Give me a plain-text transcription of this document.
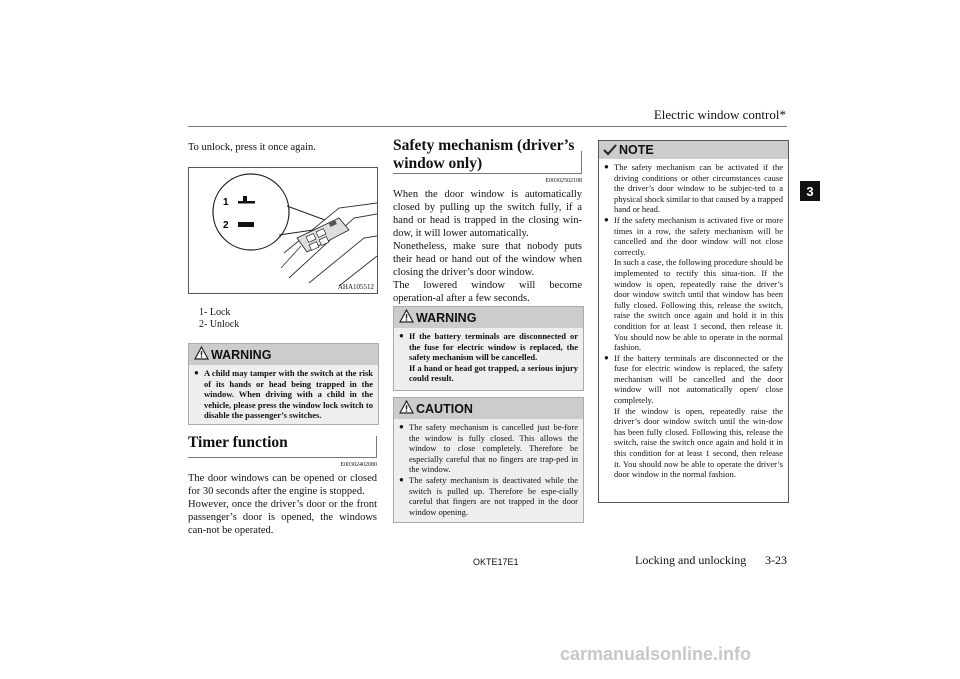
Electric window control*
3

To unlock, press it once again.

1
2
AHA105512
1- Lock
2- Unlock
WARNING
● A child may tamper with the switch at the risk of its hands or head being trapped in the window. When driving with a child in the vehicle, please press the window lock switch to disable the passenger’s switches.
Timer function
E00302402080

The door windows can be opened or closed for 30 seconds after the engine is stopped.

However, once the driver’s door or the front passenger’s door is opened, the windows can-not be operated.

Safety mechanism (driver’s window only)
E00302502108

When the door window is automatically closed by pulling up the switch fully, if a hand or head is trapped in the closing win-dow, it will lower automatically.

Nonetheless, make sure that nobody puts their head or hand out of the window when closing the driver’s door window.

The lowered window will become operation-al after a few seconds.

WARNING
● If the battery terminals are disconnected or the fuse for electric window is replaced, the safety mechanism will be cancelled.
If a hand or head got trapped, a serious injury could result.
CAUTION
● The safety mechanism is cancelled just be-fore the window is fully closed. This allows the window to close completely. Therefore be especially careful that no fingers are trap-ped in the window.
● The safety mechanism is deactivated while the switch is pulled up. Therefore be espe-cially careful that fingers are not trapped in the door window opening.
NOTE
● The safety mechanism can be activated if the driving conditions or other circumstances cause the driver’s door window to be subjec-ted to a physical shock similar to that caused by a trapped hand or head.
● If the safety mechanism is activated five or more times in a row, the safety mechanism will be cancelled and the door window will not close correctly.
In such a case, the following procedure should be implemented to rectify this situa-tion. If the window is open, repeatedly raise the driver’s door window switch until that window has been fully closed. Following this, release the switch, raise the switch once again and hold it in this condition for at least 1 second, then release it. You should now be able to operate in the normal fashion.
● If the battery terminals are disconnected or the fuse for electric window is replaced, the safety mechanism will be cancelled and the door window will not automatically open/ close completely.
If the window is open, repeatedly raise the driver’s door window switch until the win-dow has been fully closed. Following this, release the switch, raise the switch once again and hold it in this condition for at least 1 second, then release it. You should now be able to operate the driver’s door window in the normal fashion.
OKTE17E1	Locking and unlocking 3-23
carmanualsonline.info
